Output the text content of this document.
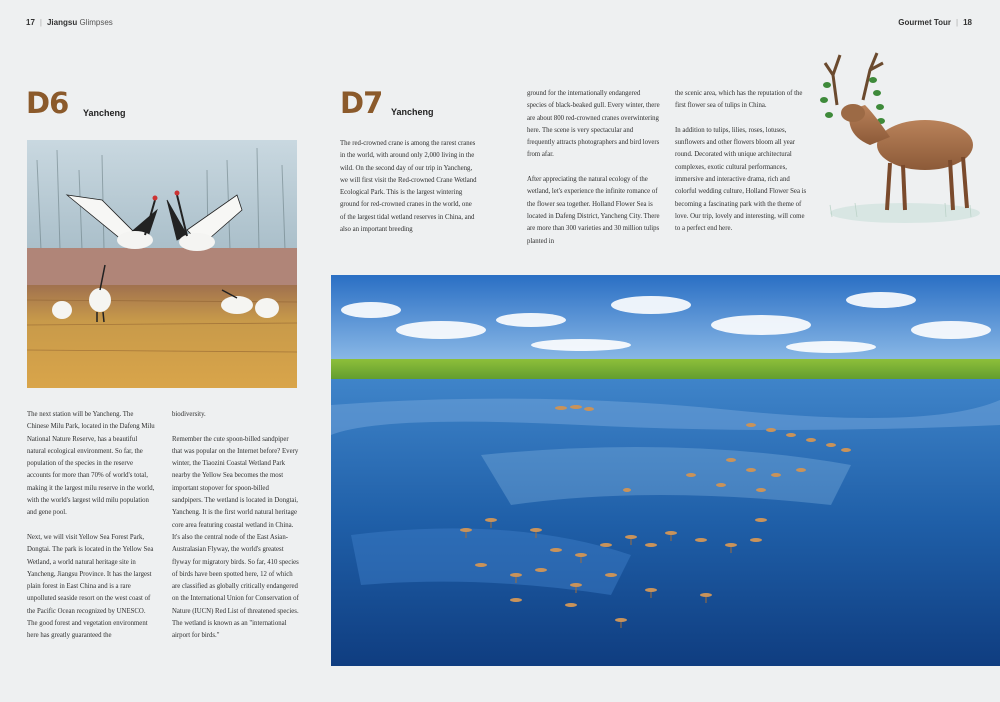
17 | Jiangsu Glimpses	Gourmet Tour | 18
D6 Yancheng

The next station will be Yancheng. The Chinese Milu Park, located in the Dafeng Milu National Nature Reserve, has a beautiful natural ecological environment. So far, the population of the species in the reserve accounts for more than 70% of world's total, making it the largest milu reserve in the world, with the world's largest wild milu population and gene pool.

Next, we will visit Yellow Sea Forest Park, Dongtai. The park is located in the Yellow Sea Wetland, a world natural heritage site in Yancheng, Jiangsu Province. It has the largest plain forest in East China and is a rare unpolluted seaside resort on the west coast of the Pacific Ocean recognized by UNESCO. The good forest and vegetation environment here has greatly guaranteed the

biodiversity.

Remember the cute spoon-billed sandpiper that was popular on the Internet before? Every winter, the Tiaozini Coastal Wetland Park nearby the Yellow Sea becomes the most important stopover for spoon-billed sandpipers. The wetland is located in Dongtai, Yancheng. It is the first world natural heritage core area featuring coastal wetland in China. It's also the central node of the East Asian-Australasian Flyway, the world's greatest flyway for migratory birds. So far, 410 species of birds have been spotted here, 12 of which are classified as globally critically endangered on the International Union for Conservation of Nature (IUCN) Red List of threatened species. The wetland is known as an "international airport for birds."

D7 Yancheng

The red-crowned crane is among the rarest cranes in the world, with around only 2,000 living in the wild. On the second day of our trip in Yancheng, we will first visit the Red-crowned Crane Wetland Ecological Park. This is the largest wintering ground for red-crowned cranes in the world, one of the largest tidal wetland reserves in China, and also an important breeding

ground for the internationally endangered species of black-beaked gull. Every winter, there are about 800 red-crowned cranes overwintering here. The scene is very spectacular and frequently attracts photographers and bird lovers from afar.

After appreciating the natural ecology of the wetland, let's experience the infinite romance of the flower sea together. Holland Flower Sea is located in Dafeng District, Yancheng City. There are more than 300 varieties and 30 million tulips planted in

the scenic area, which has the reputation of the first flower sea of tulips in China.

In addition to tulips, lilies, roses, lotuses, sunflowers and other flowers bloom all year round. Decorated with unique architectural complexes, exotic cultural performances, immersive and interactive drama, rich and colorful wedding culture, Holland Flower Sea is becoming a fascinating park with the theme of love. Our trip, lovely and interesting, will come to a perfect end here.
